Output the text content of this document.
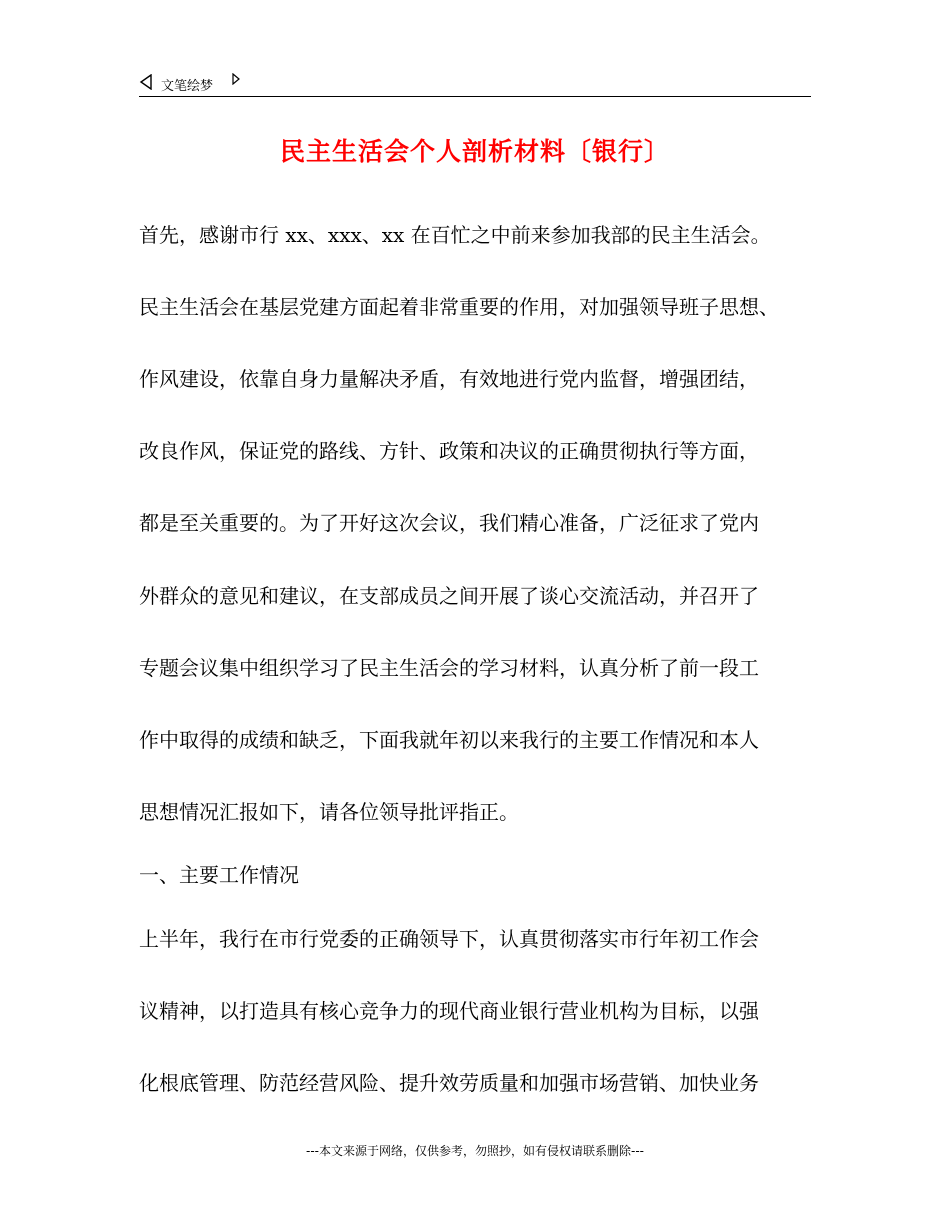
文笔绘梦
民主生活会个人剖析材料〔银行〕
首先，感谢市行 xx、xxx、xx 在百忙之中前来参加我部的民主生活会。
民主生活会在基层党建方面起着非常重要的作用，对加强领导班子思想、
作风建设，依靠自身力量解决矛盾，有效地进行党内监督，增强团结，
改良作风，保证党的路线、方针、政策和决议的正确贯彻执行等方面，
都是至关重要的。为了开好这次会议，我们精心准备，广泛征求了党内
外群众的意见和建议，在支部成员之间开展了谈心交流活动，并召开了
专题会议集中组织学习了民主生活会的学习材料，认真分析了前一段工
作中取得的成绩和缺乏，下面我就年初以来我行的主要工作情况和本人
思想情况汇报如下，请各位领导批评指正。
一、主要工作情况
上半年，我行在市行党委的正确领导下，认真贯彻落实市行年初工作会
议精神，以打造具有核心竞争力的现代商业银行营业机构为目标，以强
化根底管理、防范经营风险、提升效劳质量和加强市场营销、加快业务
---本文来源于网络，仅供参考，勿照抄，如有侵权请联系删除---
